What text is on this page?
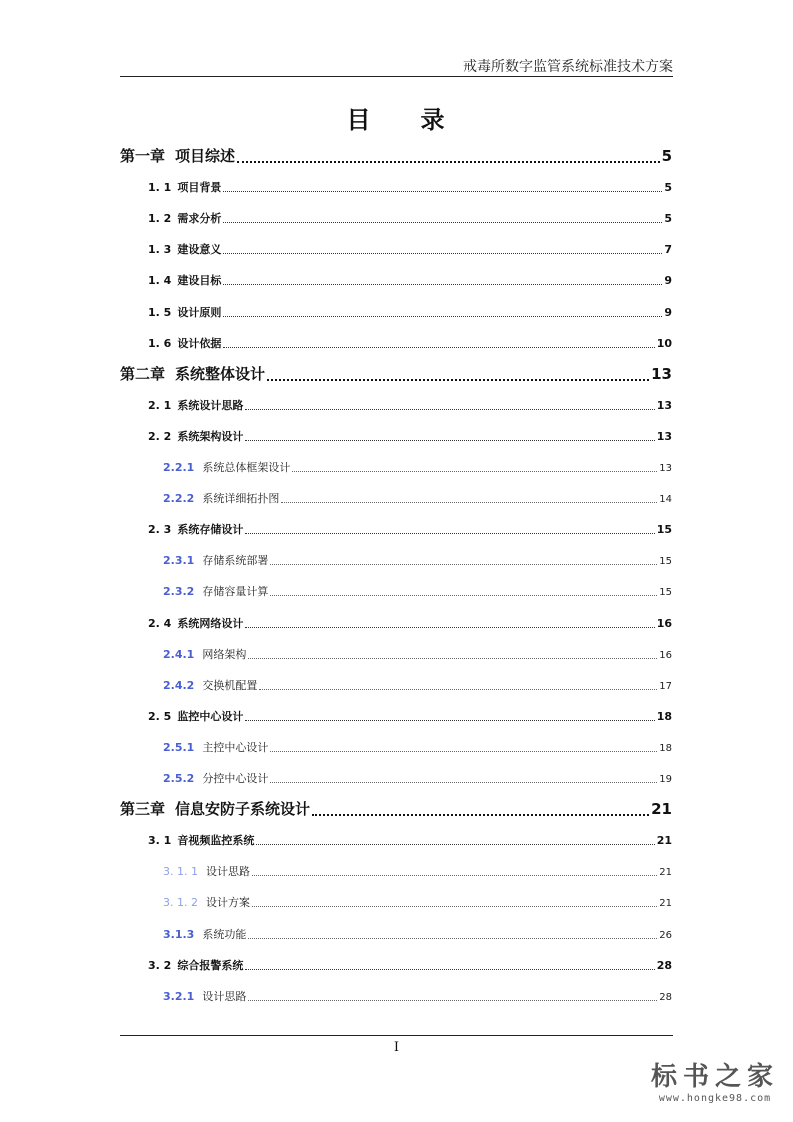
戒毒所数字监管系统标准技术方案
目 录
第一章 项目综述	5
1. 1 项目背景	5
1. 2 需求分析	5
1. 3 建设意义	7
1. 4 建设目标	9
1. 5 设计原则	9
1. 6 设计依据	10
第二章 系统整体设计	13
2. 1 系统设计思路	13
2. 2 系统架构设计	13
2.2.1 系统总体框架设计	13
2.2.2 系统详细拓扑图	14
2. 3 系统存储设计	15
2.3.1 存储系统部署	15
2.3.2 存储容量计算	15
2. 4 系统网络设计	16
2.4.1 网络架构	16
2.4.2 交换机配置	17
2. 5 监控中心设计	18
2.5.1 主控中心设计	18
2.5.2 分控中心设计	19
第三章 信息安防子系统设计	21
3. 1 音视频监控系统	21
3. 1. 1 设计思路	21
3. 1. 2 设计方案	21
3.1.3 系统功能	26
3. 2 综合报警系统	28
3.2.1 设计思路	28
I
标书之家
www.hongke98.com
